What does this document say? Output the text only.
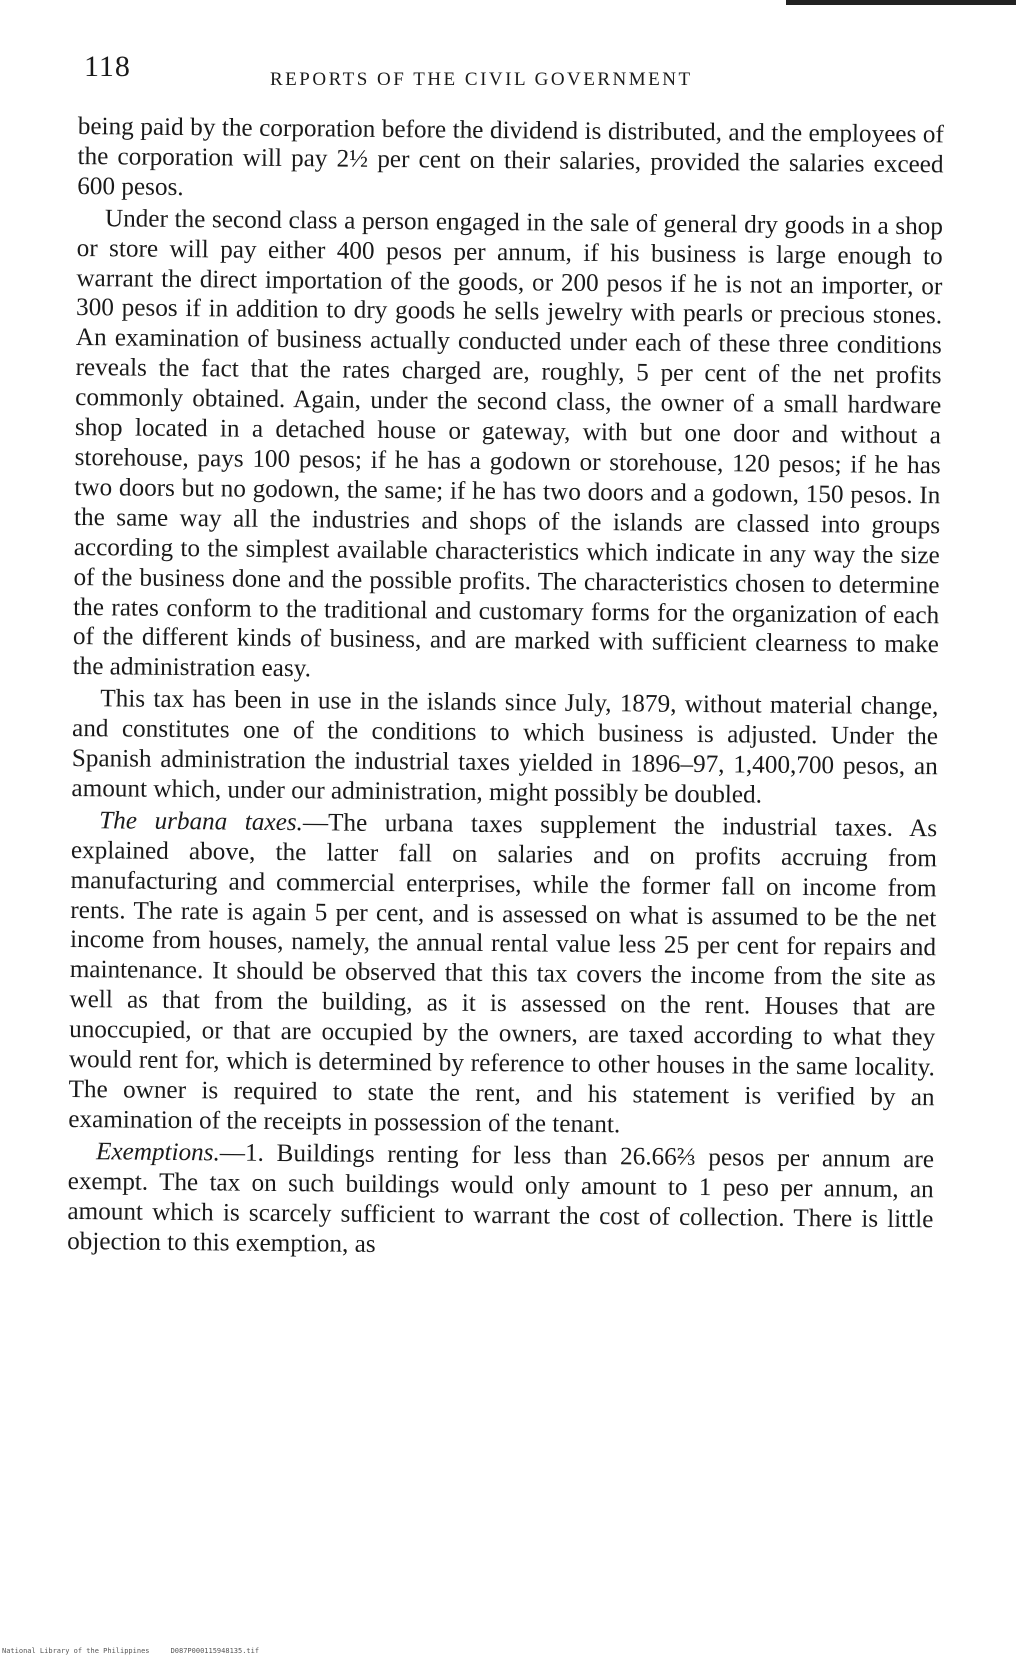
118	REPORTS OF THE CIVIL GOVERNMENT

being paid by the corporation before the dividend is distributed, and the employees of the corporation will pay 2½ per cent on their salaries, provided the salaries exceed 600 pesos.

Under the second class a person engaged in the sale of general dry goods in a shop or store will pay either 400 pesos per annum, if his business is large enough to warrant the direct importation of the goods, or 200 pesos if he is not an importer, or 300 pesos if in addition to dry goods he sells jewelry with pearls or precious stones. An examination of business actually conducted under each of these three conditions reveals the fact that the rates charged are, roughly, 5 per cent of the net profits commonly obtained. Again, under the second class, the owner of a small hardware shop located in a detached house or gateway, with but one door and without a storehouse, pays 100 pesos; if he has a godown or storehouse, 120 pesos; if he has two doors but no godown, the same; if he has two doors and a godown, 150 pesos. In the same way all the industries and shops of the islands are classed into groups according to the simplest available characteristics which indicate in any way the size of the business done and the possible profits. The characteristics chosen to determine the rates conform to the traditional and customary forms for the organization of each of the different kinds of business, and are marked with sufficient clearness to make the administration easy.

This tax has been in use in the islands since July, 1879, without material change, and constitutes one of the conditions to which business is adjusted. Under the Spanish administration the industrial taxes yielded in 1896–97, 1,400,700 pesos, an amount which, under our administration, might possibly be doubled.

The urbana taxes.—The urbana taxes supplement the industrial taxes. As explained above, the latter fall on salaries and on profits accruing from manufacturing and commercial enterprises, while the former fall on income from rents. The rate is again 5 per cent, and is assessed on what is assumed to be the net income from houses, namely, the annual rental value less 25 per cent for repairs and maintenance. It should be observed that this tax covers the income from the site as well as that from the building, as it is assessed on the rent. Houses that are unoccupied, or that are occupied by the owners, are taxed according to what they would rent for, which is determined by reference to other houses in the same locality. The owner is required to state the rent, and his statement is verified by an examination of the receipts in possession of the tenant.

Exemptions.—1. Buildings renting for less than 26.66⅔ pesos per annum are exempt. The tax on such buildings would only amount to 1 peso per annum, an amount which is scarcely sufficient to warrant the cost of collection. There is little objection to this exemption, as

National Library of the Philippines     D087P000115948135.tif
